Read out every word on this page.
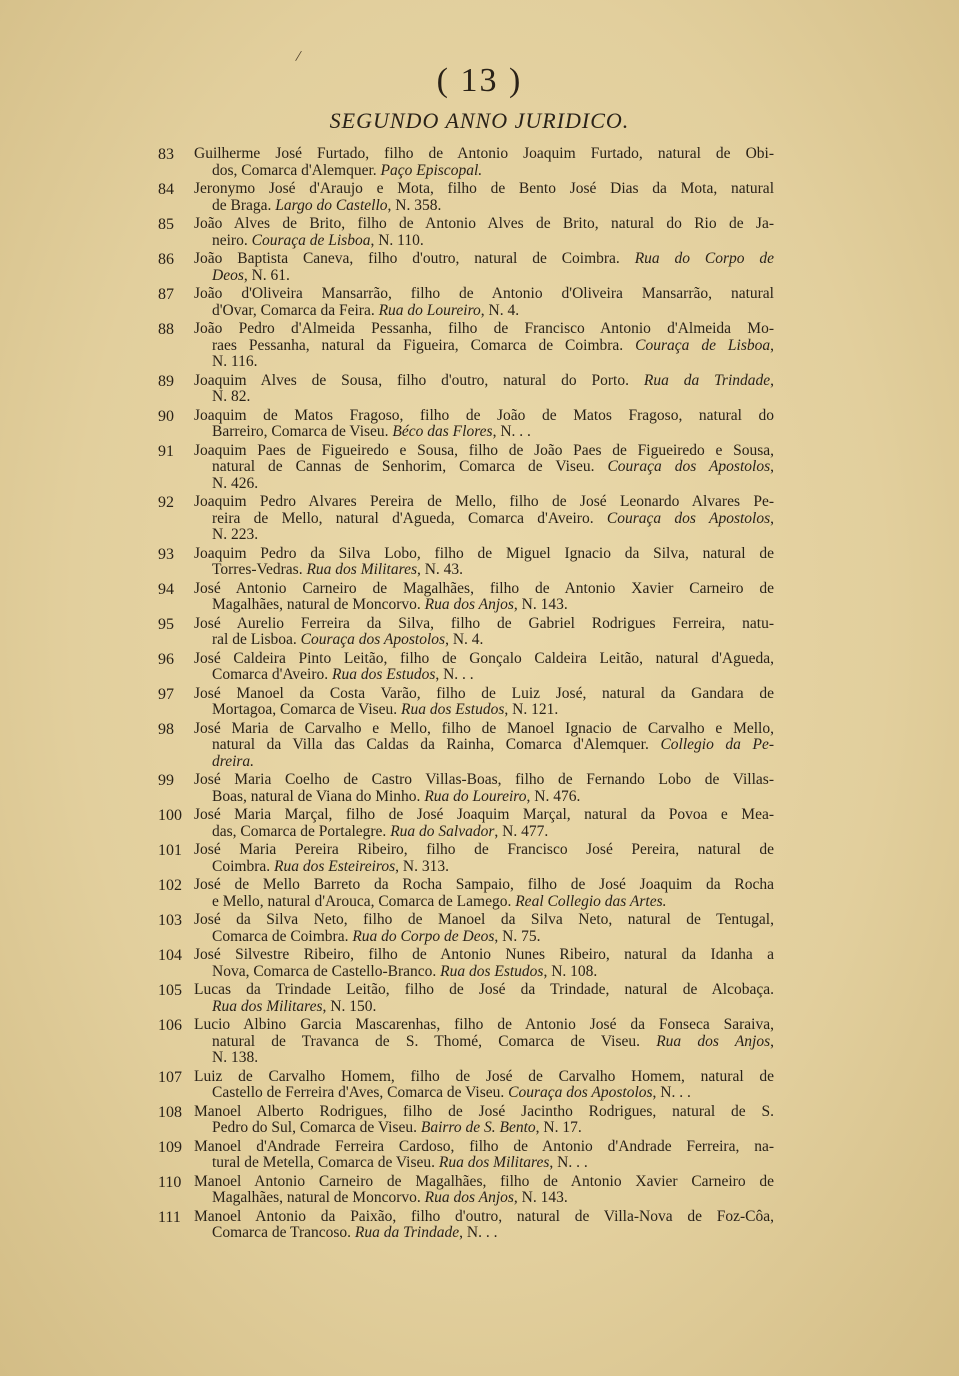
/
( 13 )
SEGUNDO ANNO JURIDICO.
83	Guilherme José Furtado, filho de Antonio Joaquim Furtado, natural de Obi-
dos, Comarca d'Alemquer. Paço Episcopal.
84	Jeronymo José d'Araujo e Mota, filho de Bento José Dias da Mota, natural
de Braga. Largo do Castello, N. 358.
85	João Alves de Brito, filho de Antonio Alves de Brito, natural do Rio de Ja-
neiro. Couraça de Lisboa, N. 110.
86	João Baptista Caneva, filho d'outro, natural de Coimbra. Rua do Corpo de
Deos, N. 61.
87	João d'Oliveira Mansarrão, filho de Antonio d'Oliveira Mansarrão, natural
d'Ovar, Comarca da Feira. Rua do Loureiro, N. 4.
88	João Pedro d'Almeida Pessanha, filho de Francisco Antonio d'Almeida Mo-
raes Pessanha, natural da Figueira, Comarca de Coimbra. Couraça de Lisboa,
N. 116.
89	Joaquim Alves de Sousa, filho d'outro, natural do Porto. Rua da Trindade,
N. 82.
90	Joaquim de Matos Fragoso, filho de João de Matos Fragoso, natural do
Barreiro, Comarca de Viseu. Béco das Flores, N. . .
91	Joaquim Paes de Figueiredo e Sousa, filho de João Paes de Figueiredo e Sousa,
natural de Cannas de Senhorim, Comarca de Viseu. Couraça dos Apostolos,
N. 426.
92	Joaquim Pedro Alvares Pereira de Mello, filho de José Leonardo Alvares Pe-
reira de Mello, natural d'Agueda, Comarca d'Aveiro. Couraça dos Apostolos,
N. 223.
93	Joaquim Pedro da Silva Lobo, filho de Miguel Ignacio da Silva, natural de
Torres-Vedras. Rua dos Militares, N. 43.
94	José Antonio Carneiro de Magalhães, filho de Antonio Xavier Carneiro de
Magalhães, natural de Moncorvo. Rua dos Anjos, N. 143.
95	José Aurelio Ferreira da Silva, filho de Gabriel Rodrigues Ferreira, natu-
ral de Lisboa. Couraça dos Apostolos, N. 4.
96	José Caldeira Pinto Leitão, filho de Gonçalo Caldeira Leitão, natural d'Agueda,
Comarca d'Aveiro. Rua dos Estudos, N. . .
97	José Manoel da Costa Varão, filho de Luiz José, natural da Gandara de
Mortagoa, Comarca de Viseu. Rua dos Estudos, N. 121.
98	José Maria de Carvalho e Mello, filho de Manoel Ignacio de Carvalho e Mello,
natural da Villa das Caldas da Rainha, Comarca d'Alemquer. Collegio da Pe-
dreira.
99	José Maria Coelho de Castro Villas-Boas, filho de Fernando Lobo de Villas-
Boas, natural de Viana do Minho. Rua do Loureiro, N. 476.
100 José Maria Marçal, filho de José Joaquim Marçal, natural da Povoa e Mea-
das, Comarca de Portalegre. Rua do Salvador, N. 477.
101 José Maria Pereira Ribeiro, filho de Francisco José Pereira, natural de
Coimbra. Rua dos Esteireiros, N. 313.
102 José de Mello Barreto da Rocha Sampaio, filho de José Joaquim da Rocha
e Mello, natural d'Arouca, Comarca de Lamego. Real Collegio das Artes.
103 José da Silva Neto, filho de Manoel da Silva Neto, natural de Tentugal,
Comarca de Coimbra. Rua do Corpo de Deos, N. 75.
104 José Silvestre Ribeiro, filho de Antonio Nunes Ribeiro, natural da Idanha a
Nova, Comarca de Castello-Branco. Rua dos Estudos, N. 108.
105 Lucas da Trindade Leitão, filho de José da Trindade, natural de Alcobaça.
Rua dos Militares, N. 150.
106 Lucio Albino Garcia Mascarenhas, filho de Antonio José da Fonseca Saraiva,
natural de Travanca de S. Thomé, Comarca de Viseu. Rua dos Anjos,
N. 138.
107 Luiz de Carvalho Homem, filho de José de Carvalho Homem, natural de
Castello de Ferreira d'Aves, Comarca de Viseu. Couraça dos Apostolos, N. . .
108 Manoel Alberto Rodrigues, filho de José Jacintho Rodrigues, natural de S.
Pedro do Sul, Comarca de Viseu. Bairro de S. Bento, N. 17.
109 Manoel d'Andrade Ferreira Cardoso, filho de Antonio d'Andrade Ferreira, na-
tural de Metella, Comarca de Viseu. Rua dos Militares, N. . .
110 Manoel Antonio Carneiro de Magalhães, filho de Antonio Xavier Carneiro de
Magalhães, natural de Moncorvo. Rua dos Anjos, N. 143.
111 Manoel Antonio da Paixão, filho d'outro, natural de Villa-Nova de Foz-Côa,
Comarca de Trancoso. Rua da Trindade, N. . .
